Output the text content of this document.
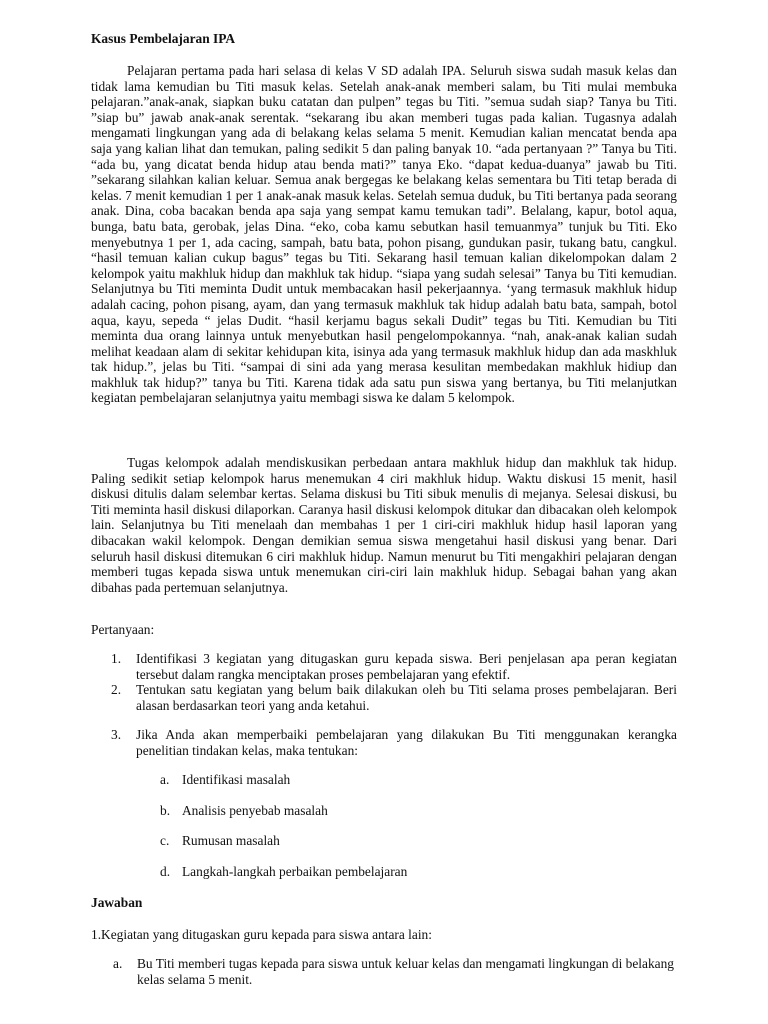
Kasus Pembelajaran IPA

Pelajaran pertama pada hari selasa di kelas V SD adalah IPA. Seluruh siswa sudah masuk kelas dan tidak lama kemudian bu Titi masuk kelas. Setelah anak-anak memberi salam, bu Titi mulai membuka pelajaran.”anak-anak, siapkan buku catatan dan pulpen” tegas bu Titi. ”semua sudah siap? Tanya bu Titi. ”siap bu” jawab anak-anak serentak. “sekarang ibu akan memberi tugas pada kalian. Tugasnya adalah mengamati lingkungan yang ada di belakang kelas selama 5 menit. Kemudian kalian mencatat benda apa saja yang kalian lihat dan temukan, paling sedikit 5 dan paling banyak 10. “ada pertanyaan ?” Tanya bu Titi. “ada bu, yang dicatat benda hidup atau benda mati?” tanya Eko. “dapat kedua-duanya” jawab bu Titi. ”sekarang silahkan kalian keluar. Semua anak bergegas ke belakang kelas sementara bu Titi tetap berada di kelas. 7 menit kemudian 1 per 1 anak-anak masuk kelas. Setelah semua duduk, bu Titi bertanya pada seorang anak. Dina, coba bacakan benda apa saja yang sempat kamu temukan tadi”. Belalang, kapur, botol aqua, bunga, batu bata, gerobak, jelas Dina. “eko, coba kamu sebutkan hasil temuanmya” tunjuk bu Titi. Eko menyebutnya 1 per 1, ada cacing, sampah, batu bata, pohon pisang, gundukan pasir, tukang batu, cangkul. “hasil temuan kalian cukup bagus” tegas bu Titi. Sekarang hasil temuan kalian dikelompokan dalam 2 kelompok yaitu makhluk hidup dan makhluk tak hidup. “siapa yang sudah selesai” Tanya bu Titi kemudian. Selanjutnya bu Titi meminta Dudit untuk membacakan hasil pekerjaannya. ‘yang termasuk makhluk hidup adalah cacing, pohon pisang, ayam, dan yang termasuk makhluk tak hidup adalah batu bata, sampah, botol aqua, kayu, sepeda “ jelas Dudit. “hasil kerjamu bagus sekali Dudit” tegas bu Titi. Kemudian bu Titi meminta dua orang lainnya untuk menyebutkan hasil pengelompokannya. “nah, anak-anak kalian sudah melihat keadaan alam di sekitar kehidupan kita, isinya ada yang termasuk makhluk hidup dan ada maskhluk tak hidup.”, jelas bu Titi. “sampai di sini ada yang merasa kesulitan membedakan makhluk hidiup dan makhluk tak hidup?” tanya bu Titi. Karena tidak ada satu pun siswa yang bertanya, bu Titi melanjutkan kegiatan pembelajaran selanjutnya yaitu membagi siswa ke dalam 5 kelompok.

Tugas kelompok adalah mendiskusikan perbedaan antara makhluk hidup dan makhluk tak hidup. Paling sedikit setiap kelompok harus menemukan 4 ciri makhluk hidup. Waktu diskusi 15 menit, hasil diskusi ditulis dalam selembar kertas. Selama diskusi bu Titi sibuk menulis di mejanya. Selesai diskusi, bu Titi meminta hasil diskusi dilaporkan. Caranya hasil diskusi kelompok ditukar dan dibacakan oleh kelompok lain. Selanjutnya bu Titi menelaah dan membahas 1 per 1 ciri-ciri makhluk hidup hasil laporan yang dibacakan wakil kelompok. Dengan demikian semua siswa mengetahui hasil diskusi yang benar. Dari seluruh hasil diskusi ditemukan 6 ciri makhluk hidup. Namun menurut bu Titi mengakhiri pelajaran dengan memberi tugas kepada siswa untuk menemukan ciri-ciri lain makhluk hidup. Sebagai bahan yang akan dibahas pada pertemuan selanjutnya.

Pertanyaan:
1. Identifikasi 3 kegiatan yang ditugaskan guru kepada siswa. Beri penjelasan apa peran kegiatan tersebut dalam rangka menciptakan proses pembelajaran yang efektif.
2. Tentukan satu kegiatan yang belum baik dilakukan oleh bu Titi selama proses pembelajaran. Beri alasan berdasarkan teori yang anda ketahui.
3. Jika Anda akan memperbaiki pembelajaran yang dilakukan Bu Titi menggunakan kerangka penelitian tindakan kelas, maka tentukan:
a. Identifikasi masalah
b. Analisis penyebab masalah
c. Rumusan masalah
d. Langkah-langkah perbaikan pembelajaran
Jawaban
1.Kegiatan yang ditugaskan guru kepada para siswa antara lain:
a. Bu Titi memberi tugas kepada para siswa untuk keluar kelas dan mengamati lingkungan di belakang kelas selama 5 menit.
